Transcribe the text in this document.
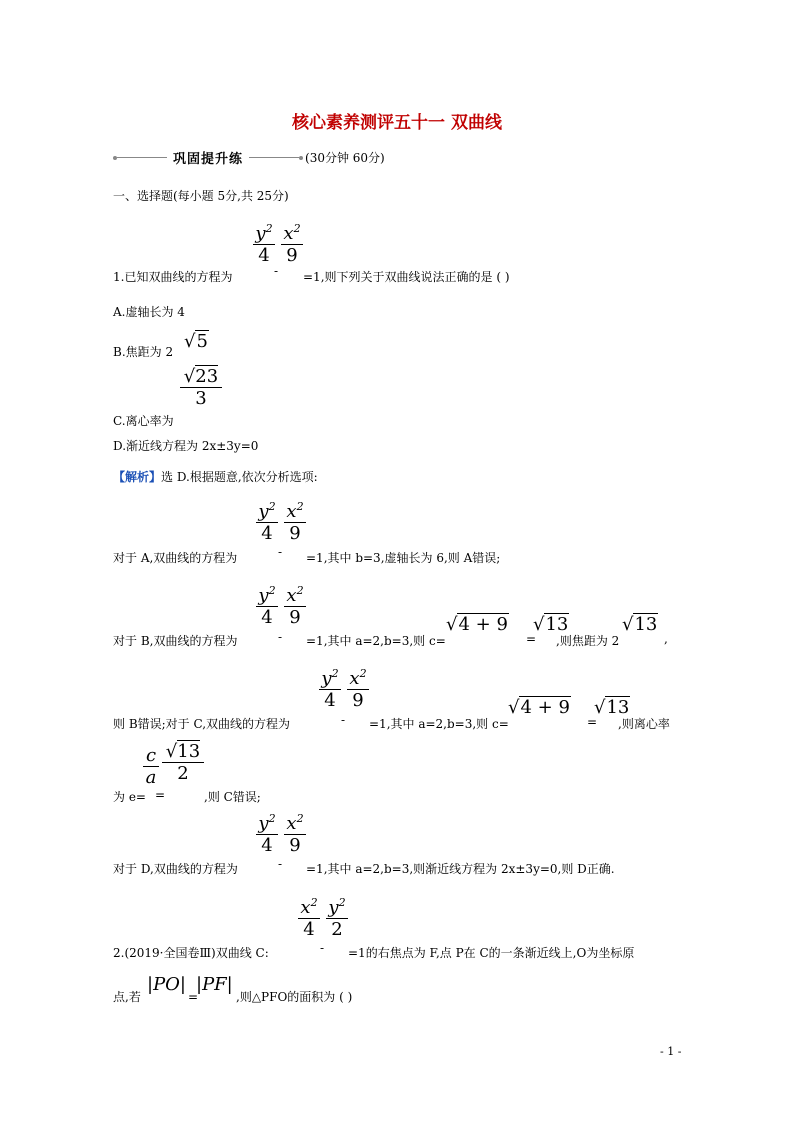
核心素养测评五十一 双曲线
巩固提升练	(30分钟 60分)
一、选择题(每小题 5分,共 25分)
$\frac{y^2}{4}$
-
$\frac{x^2}{9}$
1.已知双曲线的方程为	=1,则下列关于双曲线说法正确的是 ( )
A.虚轴长为 4
B.焦距为 2 √5
$\frac{√23}{3}$
C.离心率为
D.渐近线方程为 2x±3y=0
【解析】选 D.根据题意,依次分析选项:
$\frac{y^2}{4}$
-
$\frac{x^2}{9}$
对于 A,双曲线的方程为	=1,其中 b=3,虚轴长为 6,则 A错误;
$\frac{y^2}{4}$
-
$\frac{x^2}{9}$
对于 B,双曲线的方程为	=1,其中 a=2,b=3,则 c=
√4 + 9
=
√13
,则焦距为 2
√13
,
$\frac{y^2}{4}$
-
$\frac{x^2}{9}$
则 B错误;对于 C,双曲线的方程为	=1,其中 a=2,b=3,则 c=
√4 + 9
=
√13
,则离心率
$\frac{c}{a} \frac{√13}{2}$
为 e= =	,则 C错误;
$\frac{y^2}{4}$
-
$\frac{x^2}{9}$
对于 D,双曲线的方程为	=1,其中 a=2,b=3,则渐近线方程为 2x±3y=0,则 D正确.
$\frac{x^2}{4}$
-
$\frac{y^2}{2}$
2.(2019·全国卷Ⅲ)双曲线 C:	=1的右焦点为 F,点 P在 C的一条渐近线上,O为坐标原
点,若
|PO|
=
|PF|
,则△PFO的面积为 ( )
- 1 -
